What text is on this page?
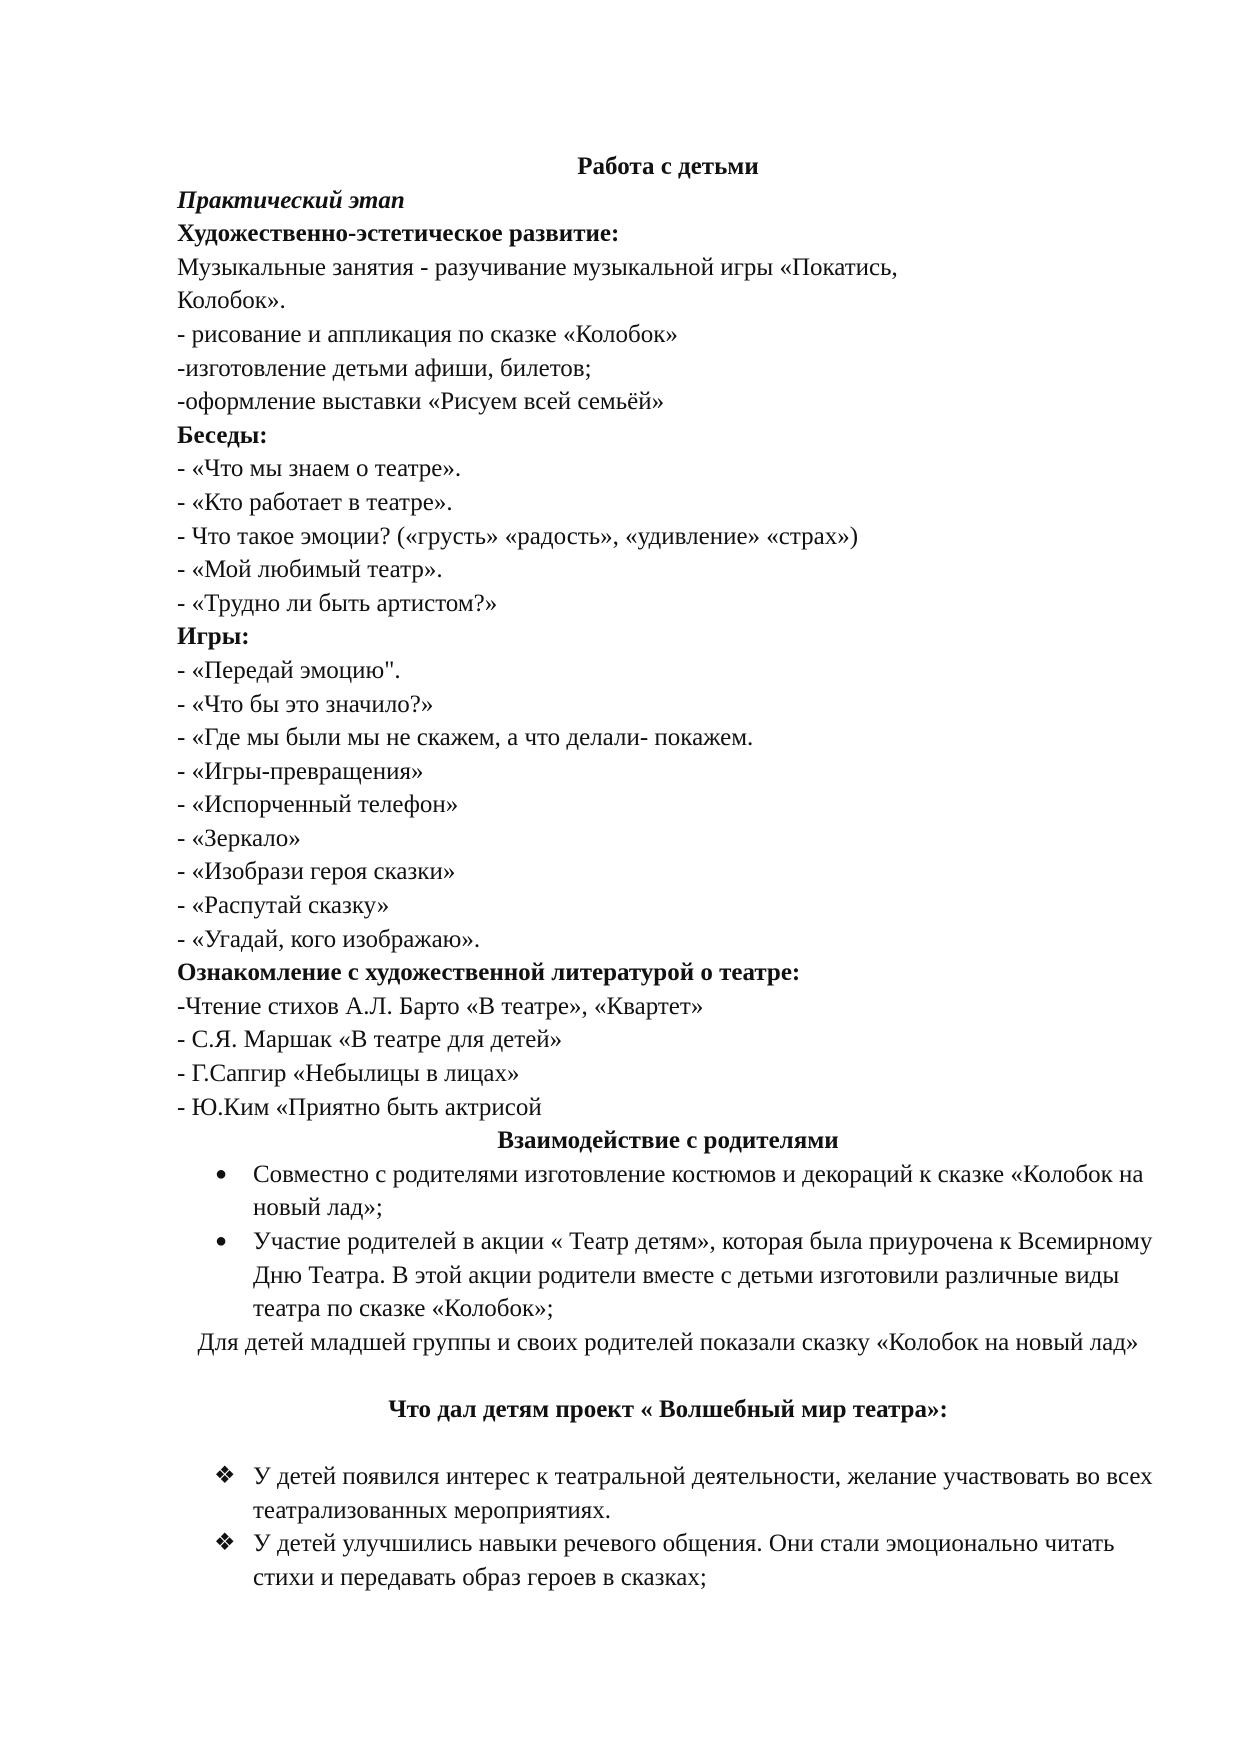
Работа с детьми
Практический этап
Художественно-эстетическое развитие:
Музыкальные занятия - разучивание музыкальной игры «Покатись,
Колобок».
- рисование и аппликация по сказке «Колобок»
-изготовление детьми афиши, билетов;
-оформление выставки «Рисуем всей семьёй»
Беседы:
- «Что мы знаем о театре».
- «Кто работает в театре».
- Что такое эмоции? («грусть» «радость», «удивление» «страх»)
- «Мой любимый театр».
- «Трудно ли быть артистом?»
Игры:
- «Передай эмоцию".
- «Что бы это значило?»
- «Где мы были мы не скажем, а что делали- покажем.
- «Игры-превращения»
- «Испорченный телефон»
- «Зеркало»
- «Изобрази героя сказки»
- «Распутай сказку»
- «Угадай, кого изображаю».
Ознакомление с художественной литературой о театре:
-Чтение стихов А.Л. Барто «В театре», «Квартет»
- С.Я. Маршак «В театре для детей»
- Г.Сапгир «Небылицы в лицах»
- Ю.Ким «Приятно быть актрисой
Взаимодействие с родителями
● Совместно с родителями изготовление костюмов и декораций к сказке «Колобок на новый лад»;
● Участие родителей в акции « Театр детям», которая была приурочена к Всемирному Дню Театра. В этой акции родители вместе с детьми изготовили различные виды театра по сказке «Колобок»;
Для детей младшей группы и своих родителей показали сказку «Колобок на новый лад»
Что дал детям проект « Волшебный мир театра»:
❖ У детей появился интерес к театральной деятельности, желание участвовать во всех театрализованных мероприятиях.
❖ У детей улучшились навыки речевого общения. Они стали эмоционально читать стихи и передавать образ героев в сказках;
